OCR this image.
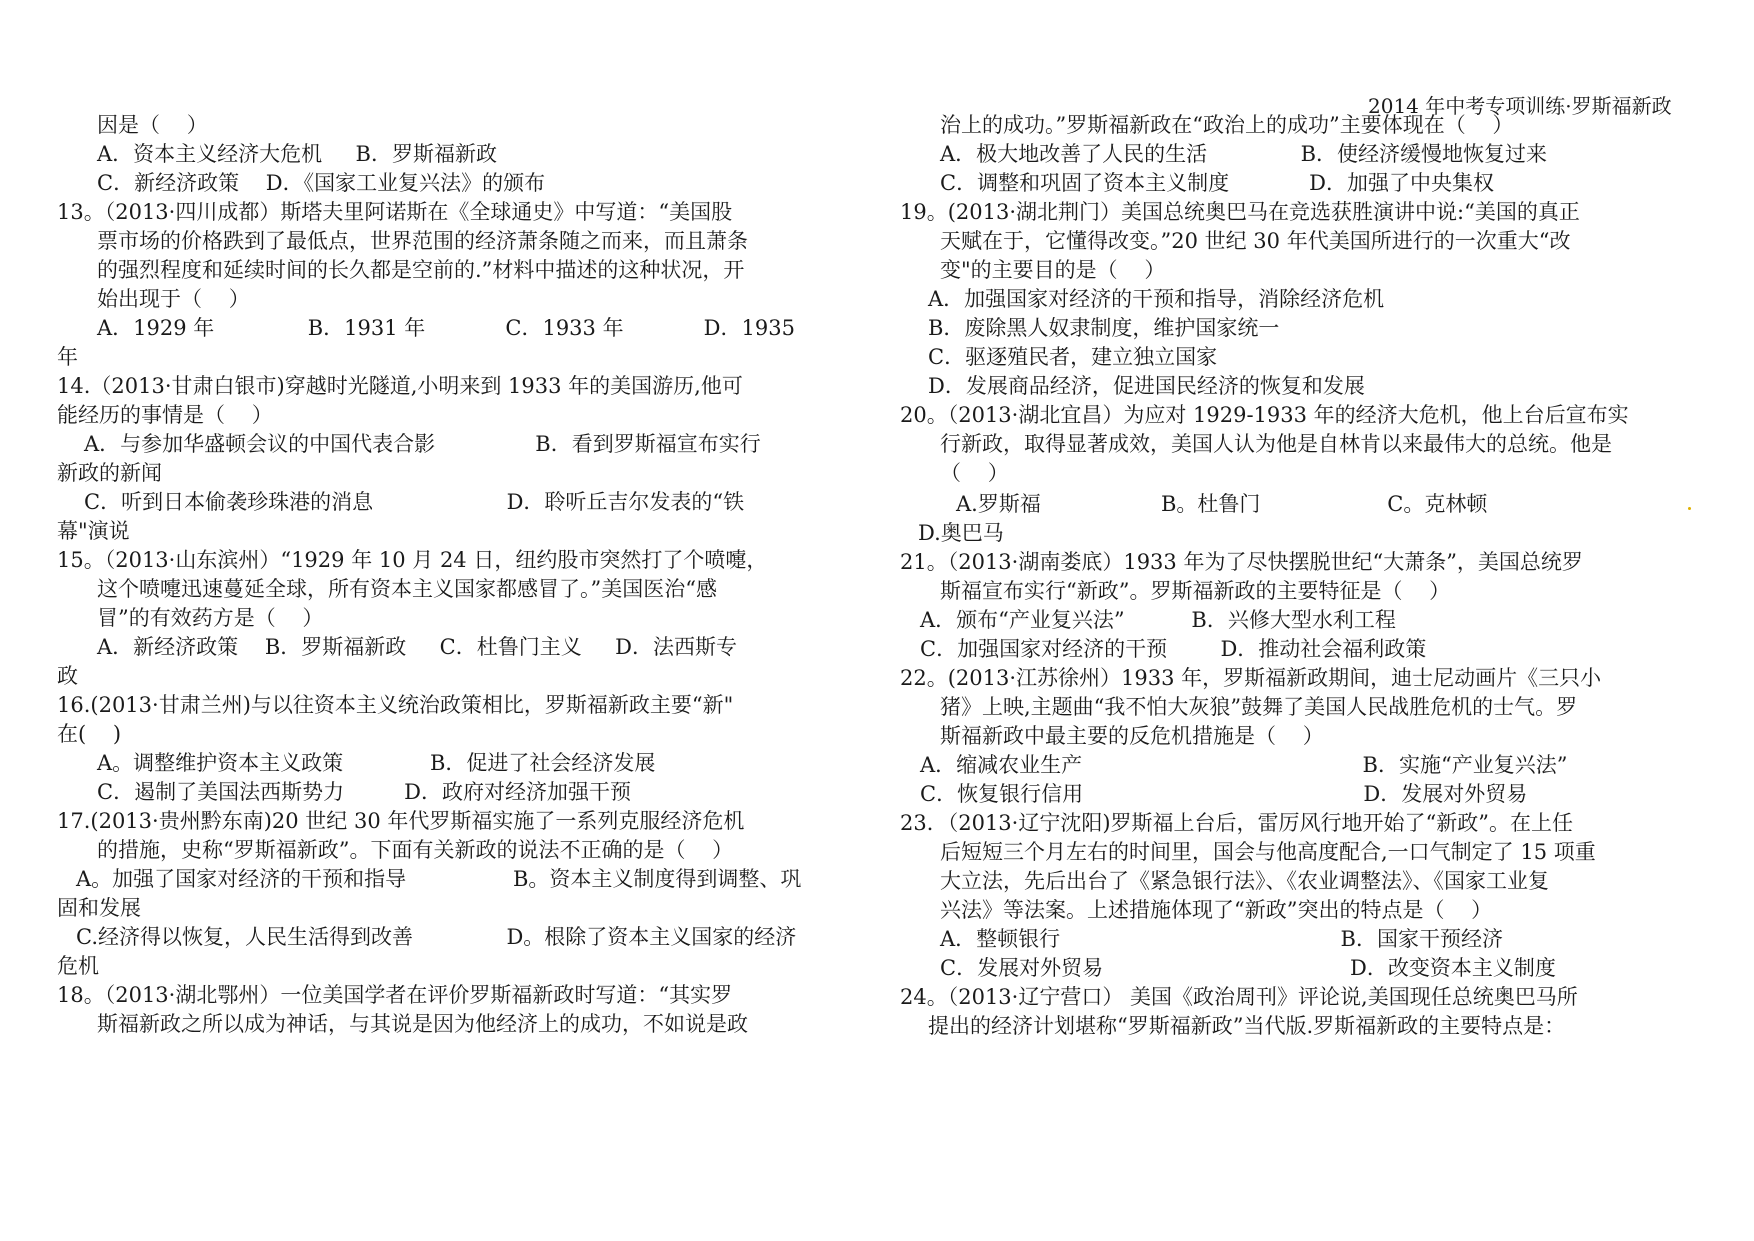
2014 年中考专项训练·罗斯福新政
因是（    ）
A．资本主义经济大危机     B．罗斯福新政
C．新经济政策    D．《国家工业复兴法》的颁布
13。（2013·四川成都）斯塔夫里阿诺斯在《全球通史》中写道：“美国股
票市场的价格跌到了最低点，世界范围的经济萧条随之而来，而且萧条
的强烈程度和延续时间的长久都是空前的.”材料中描述的这种状况，开
始出现于（    ）
A．1929 年              B．1931 年            C．1933 年            D．1935
年
14.（2013·甘肃白银市)穿越时光隧道,小明来到 1933 年的美国游历,他可
能经历的事情是（    ）
A．与参加华盛顿会议的中国代表合影               B．看到罗斯福宣布实行
新政的新闻
C．听到日本偷袭珍珠港的消息                    D．聆听丘吉尔发表的“铁
幕"演说
15。（2013·山东滨州）“1929 年 10 月 24 日，纽约股市突然打了个喷嚏，
这个喷嚏迅速蔓延全球，所有资本主义国家都感冒了。”美国医治“感
冒”的有效药方是（    ）
A．新经济政策    B．罗斯福新政     C．杜鲁门主义     D．法西斯专
政
16.(2013·甘肃兰州)与以往资本主义统治政策相比，罗斯福新政主要“新"
在(    )
A。调整维护资本主义政策             B．促进了社会经济发展
C．遏制了美国法西斯势力         D．政府对经济加强干预
17.(2013·贵州黔东南)20 世纪 30 年代罗斯福实施了一系列克服经济危机
的措施，史称“罗斯福新政”。下面有关新政的说法不正确的是（    ）
A。加强了国家对经济的干预和指导                B。资本主义制度得到调整、巩
固和发展
C.经济得以恢复，人民生活得到改善              D。根除了资本主义国家的经济
危机
18。（2013·湖北鄂州）一位美国学者在评价罗斯福新政时写道：“其实罗
斯福新政之所以成为神话，与其说是因为他经济上的成功，不如说是政
治上的成功。”罗斯福新政在“政治上的成功”主要体现在（    ）
A．极大地改善了人民的生活              B．使经济缓慢地恢复过来
C．调整和巩固了资本主义制度            D．加强了中央集权
19。(2013·湖北荆门）美国总统奥巴马在竞选获胜演讲中说:“美国的真正
天赋在于，它懂得改变。”20 世纪 30 年代美国所进行的一次重大“改
变"的主要目的是（    ）
A．加强国家对经济的干预和指导，消除经济危机
B．废除黑人奴隶制度，维护国家统一
C．驱逐殖民者，建立独立国家
D．发展商品经济，促进国民经济的恢复和发展
20。（2013·湖北宜昌）为应对 1929-1933 年的经济大危机，他上台后宣布实
行新政，取得显著成效，美国人认为他是自林肯以来最伟大的总统。他是
（    ）
A.罗斯福                  B。杜鲁门                   C。克林顿
D.奥巴马
21。（2013·湖南娄底）1933 年为了尽快摆脱世纪“大萧条”，美国总统罗
斯福宣布实行“新政”。罗斯福新政的主要特征是（    ）
A．颁布“产业复兴法”          B．兴修大型水利工程
C．加强国家对经济的干预        D．推动社会福利政策
22。(2013·江苏徐州）1933 年，罗斯福新政期间，迪士尼动画片《三只小
猪》上映,主题曲“我不怕大灰狼”鼓舞了美国人民战胜危机的士气。罗
斯福新政中最主要的反危机措施是（    ）
A．缩减农业生产                                          B．实施“产业复兴法”
C．恢复银行信用                                          D．发展对外贸易
23．（2013·辽宁沈阳)罗斯福上台后，雷厉风行地开始了“新政”。在上任
后短短三个月左右的时间里，国会与他高度配合,一口气制定了 15 项重
大立法，先后出台了《紧急银行法》、《农业调整法》、《国家工业复
兴法》等法案。上述措施体现了“新政”突出的特点是（    ）
A．整顿银行                                          B．国家干预经济
C．发展对外贸易                                     D．改变资本主义制度
24。（2013·辽宁营口） 美国《政治周刊》评论说,美国现任总统奥巴马所
提出的经济计划堪称“罗斯福新政”当代版.罗斯福新政的主要特点是：
